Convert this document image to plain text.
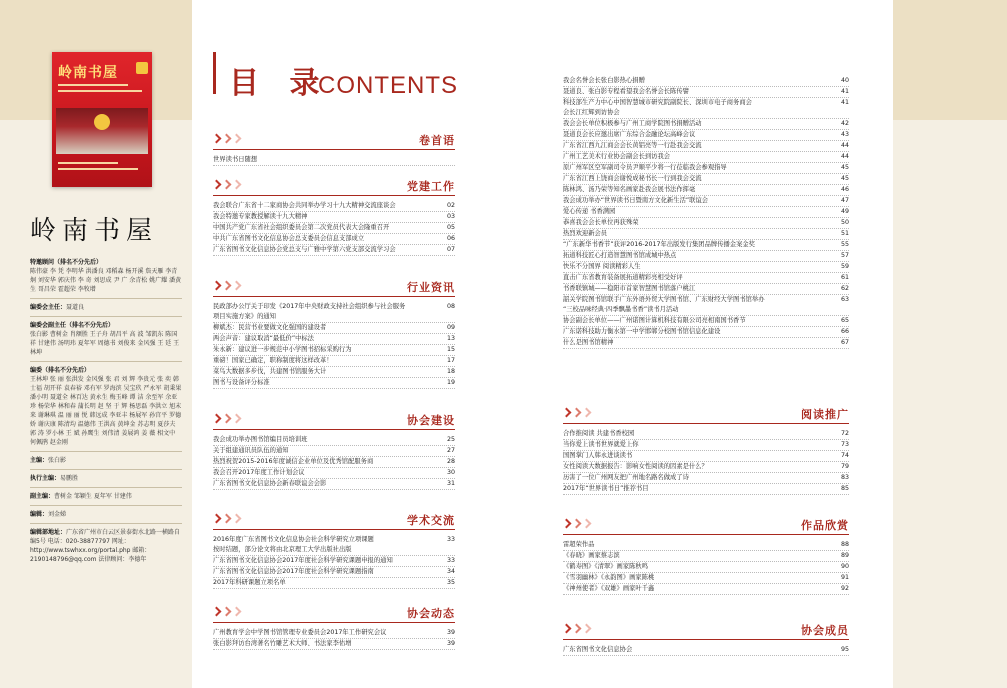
岭南书屋
岭南书屋
特邀顾问（排名不分先后）
陈伟豪 李 凭 李明华 洪潘良 邓稻森 杨开溪 詹天雁 李青炯 刘安华 郭庆伟 李 奇 刘思成 尹 广 余青松 姚广耀 潘黄生 哥昌荣 霍超荣 李牧增
编委会主任：聂道良
编委会副主任（排名不分先后）
张白影 曹树金 肖额胜 王子舟 胡昌平 高 波 邹凯东 陈国祥 甘建伟 汤明玮 夏年军 周德书 刘俊来 金风强 王 廷 王林坤
编委（排名不分先后）
王林坤 张 丽 张洪发 金风强 张 君 刘 辉 李贵元 张 奕 韩士福 胡开祥 袁春裕 邓有军 罗海滨 吴宝玖 严永军 胡秉果 潘小明 聂道全 林百达 黄永生 梅玉峰 谭 洁 余至军 余亚珍 杨荣华 林和春 蒲长明 赵 坚 于 辉 杨思磊 李洪立 旭末来 谢琳琪 温 丽 丽 悦 韩远成 李亚丰 杨展军 孙宫平 罗德娇 谢庆康 陈清均 温德伟 王洪高 黄坤金 苏志明 夏莎夫 郭 涛 罗小林 王 斌 孙鹰生 刘伟清 姜展鸿 姜 薇 相文中 何佩鹃 赵金刚
主编：张白影
执行主编：易鹏胜
副主编：曹树金 邹颖生 夏年军 甘建伟
编辑：刘金娣
编辑部地址：广东省广州市白云区景泰街水北路一横路自编5号 电话：020-38877797 网址：http://www.tswhxx.org/portal.php 邮箱：2190148796@qq.com 法律顾问：李德年
目 录
CONTENTS
卷首语
世界读书日随想
党建工作
我会联合广东省十二家商协会共同举办学习十九大精神交流座谈会	02
我会特邀专家教授解读十九大精神	03
中国共产党广东省社会组织委员会第二次党员代表大会隆重召开	05
中共广东省图书文化信息协会总支委员会信息支部成立	06
广东省图书文化信息协会党总支与广雅中学第六党支部交流学习会	07
行业资讯
民政部办公厅关于印发《2017年中央财政支持社会组织参与社会服务
项目实施方案》的通知
08
柳斌杰：民营书业要做文化强国的建设者	09
两会声音：建议取消“最低价”中标法	13
朱永新：建议进一步规范中小学图书招标采购行为	15
重磅！国家已确定，职称制度将这样改革！	17
菜鸟大数据多步伐，共建图书馆服务大计	18
图书与设备评分标准	19
协会建设
我会成功举办图书馆编目员培训班	25
关于组建通讯员队伍的通知	27
热烈祝贺2015-2016年度诚信企业单位及优秀馆配服务商	28
我会召开2017年度工作计划会议	30
广东省图书文化信息协会新春联谊会会影	31
学术交流
2016年度广东省图书文化信息协会社会科学研究立项课题
按时结题，部分论文将由北京理工大学出版社出版
33
广东省图书文化信息协会2017年度社会科学研究课题申报的通知	33
广东省图书文化信息协会2017年度社会科学研究课题指南	34
2017年科研课题立项名单	35
协会动态
广州教育学会中学图书馆管理专业委员会2017年工作研究会议	39
张白影拜访台湾著名竹雕艺术大师、书法家李佑增	39
我会名誉会长张白影热心捐赠	40
聂道良、张白影专程看望我会名誉会长陈传譬	41
科技部生产力中心中国智慧城市研究院副院长、深圳市电子商务商会
会长江红辉到访协会
41
我会会长单位积极参与广州工商学院图书捐赠活动	42
聂道良会长应邀出席广东综合金融论坛高峰会议	43
广东省江西九江商会会长黄铝亮等一行赴我会交流	44
广州工艺美术行业协会副会长到访我会	44
原广州军区空军副司令员尹顺平少将一行莅临我会参观指导	45
广东省江西上饶商会谢悦成秘书长一行到我会交流	45
陈林鸿、汤乃荣等知名画家赴我会展书法作挥毫	46
我会成功举办“世界读书日暨南方文化新生活”联谊会	47
爱心传递 书香满园	49
恭喜我会会长单位再获殊荣	50
热烈欢迎新会员	51
“广东新华书香节”获评2016-2017年出版发行集团品牌传播金案金奖	55
拓道科技匠心打造智慧图书馆成城中热点	57
快乐不分国界 阅读精彩人生	59
直击广东省教育装备展拓道精彩亮相受好评	61
书香联镇城——稳阳市首家智慧图书馆落户桃江	62
韶关学院图书馆联手广东外语外贸大学图书馆、广东财经大学图书馆举办
“三校品味经典·四季飘墨书香”读书月活动
63
协会副会长单位——广州诺图计算机科技有限公司亮相南国书香节	65
广东诺科技助力衡水第一中学邯郸分校图书馆信息化建设	66
什么是图书馆精神	67
阅读推广
合作推阅读 共建书香校园	72
当你爱上读书世界就爱上你	73
国图掌门人韩永进谈读书	74
女性阅读大数据报告：影响女性阅读的因素是什么？	79
历害了一位广州网友把广州地名路名做成了诗	83
2017年“世界读书日”推荐书目	85
作品欣赏
雷超荣作品	88
《春晓》画家蔡志滨	89
《鹤寿图》《清翠》画家陈秋鸣	90
《雪羽幽林》《永韵图》画家陈桃	91
《神州使者》《双雄》画家叶千鑫	92
协会成员
广东省图书文化信息协会	95
